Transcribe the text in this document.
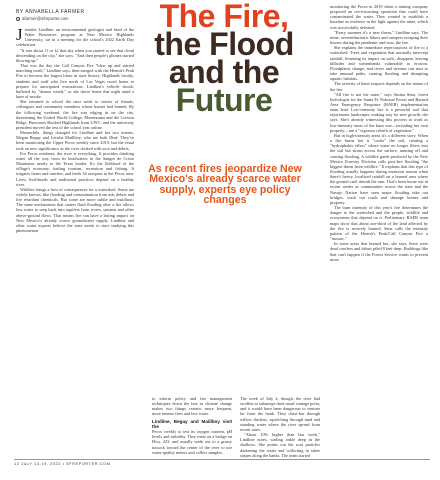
BY ANNABELLA FARMER
afarmer@sfreporter.com

Jennifer Lindline, an environmental geologist and head of the Water Resources program at New Mexico Highlands University, sat in a meeting for the school's 2022 Earth Day celebration.

"It was about 11 or 12 that day when you started to see that cloud descending on the city," she says. "And then people's phones started blowing up."

That was the day the Calf Canyon Fire "blew up and started marching north," Lindline says, then merged with the Hermit's Peak Fire to become the largest blaze in state history. Highlands faculty, students and staff who live north of Las Vegas raced home to prepare for anticipated evacuations. Lindline's vehicle shook, buffeted by "demon winds," as she drove home that night amid a haze of smoke.

She returned to school the next week to stories of friends, colleagues and community members whose homes had burned. By the following weekend, the fire was edging in on the city, threatening the United World College, Montezuma and the Creston Ridge, Pinecones Booked Highlands from UWC, and the university president moved the rest of the school year online.

Meanwhile, things changed for Lindline and her two interns, Megan Beppy and Letisha Maillboy, who are both Diné. They've been monitoring the Upper Pecos weekly since 2019, but the ritual took on new significance as the river choked with soot and debris.

For Pecos residents, the river is everything. It provides drinking water all the way from its headwaters in the Sangre de Cristo Mountains nearly to the Texas border. It's the lifeblood of the village's economy, fueling tourism, recreation and fishing. It irrigates farms and ranches, and feeds 34 acequias in the Pecos area. Lives, livelihoods and traditional practices depend on a healthy river.

Wildfire brings a host of consequences for a watershed. Some are widely known, like flooding and contamination from ash, debris and fire retardant chemicals. But some are more subtle and insidious: The same mechanisms that causes flash flooding after a fire allows less water to seep back into aquifers from rivers, streams and other above-ground flows. That means fire can have a lasting impact on New Mexico's already scarce groundwater supply. Lindline and other water experts believe the state needs to start studying this phenomenon

The Fire,
the Flood
and the
Future
As recent fires jeopardize New Mexico's already scarce water supply, experts eye policy changes

to inform policy and fire management techniques down the line as climate change makes two things certain: more frequent, more intense fires and less water.

Lindline, Begay and Maillboy visit the

Pecos weekly to test its oxygen content, pH levels and turbidity. They meet on a bridge on Hwy. 223, and usually wade out to a grassy tussock toward the center of the river to use water-quality meters and collect samples.

The week of July 4, though, the river had swollen to submerge their usual vantage point, and it would have been dangerous to venture far from the bank. They chest-bar through willow thickets, squelching through mud and standing water where the river spread from recent rains.

"About 10% higher than last week," Lindline notes, wading ankle deep in the shallows. She points out the soot particles darkening the water and collecting in sabre stripes along the banks. The team started

monitoring the Pecos in 2019 when a mining company proposed an ore-extracting operation that could have contaminated the water. They wanted to establish a baseline as evidence in the fight against the mine, which was successfully defeated.

"Every summer it's a new threat," Lindline says. The mine, overenthusiastic hikers and campers escaping their houses during the pandemic and now, the fire.

She explains the immediate repercussions of fire to a watershed: Trees and vegetation that normally intercept rainfall, lessening its impact on soils, disappear, leaving hillsides and streambanks vulnerable to erosion. Floodplains change, and rivers and streams can start to take unusual paths, causing flooding and disrupting aquatic habitats.

The severity of these impacts depends on the nature of the fire.

"All fire is not the same," says Amina Sena, forest hydrologist for the Santa Fe National Forest and Burned Area Emergency Response (BAER) implementation team lead. Low-intensity fire is a powerful tool that rejuvenates landscapes, making way for new growth, she says. She's already witnessing this process at work as low-intensity areas of the burn scar—including her own property—see a "vigorous rebirth of vegetation."

But in high-intensity areas it's a different story. When a fire burns hot it "cooks" the soil, creating a "hydrophobic effect" where water no longer filters into the soil but skims across the surface, running off and causing flooding. A wildfire guide produced by the New Mexico Forestry Division calls post-fire flooding "the biggest threat from wildfire." It explains that this type of flooding usually happens during monsoon season when there's heavy, localized rainfall on a burned area where the ground can't absorb the rain. That's been borne out in recent weeks as communities across the state and the Navajo Nation have seen major flooding take out bridges, wash out roads and damage homes and property.

The burn intensity of this year's fire determines the danger to the watershed and the people, wildlife and ecosystems that depend on it. Preliminary BAER team maps show that about one-third of the land affected by the fire is severely burned. Sena calls the intensity pattern of the Hermit's Peak/Calf Canyon Fire a "mosaic."

In some areas that burned hot, she says, there were dead conifers and debris piled 8 feet deep. Buildings like that can't happen if the Forest Service wants to prevent more

12 JULY 13-19, 2022 • SFREPORTER.COM
